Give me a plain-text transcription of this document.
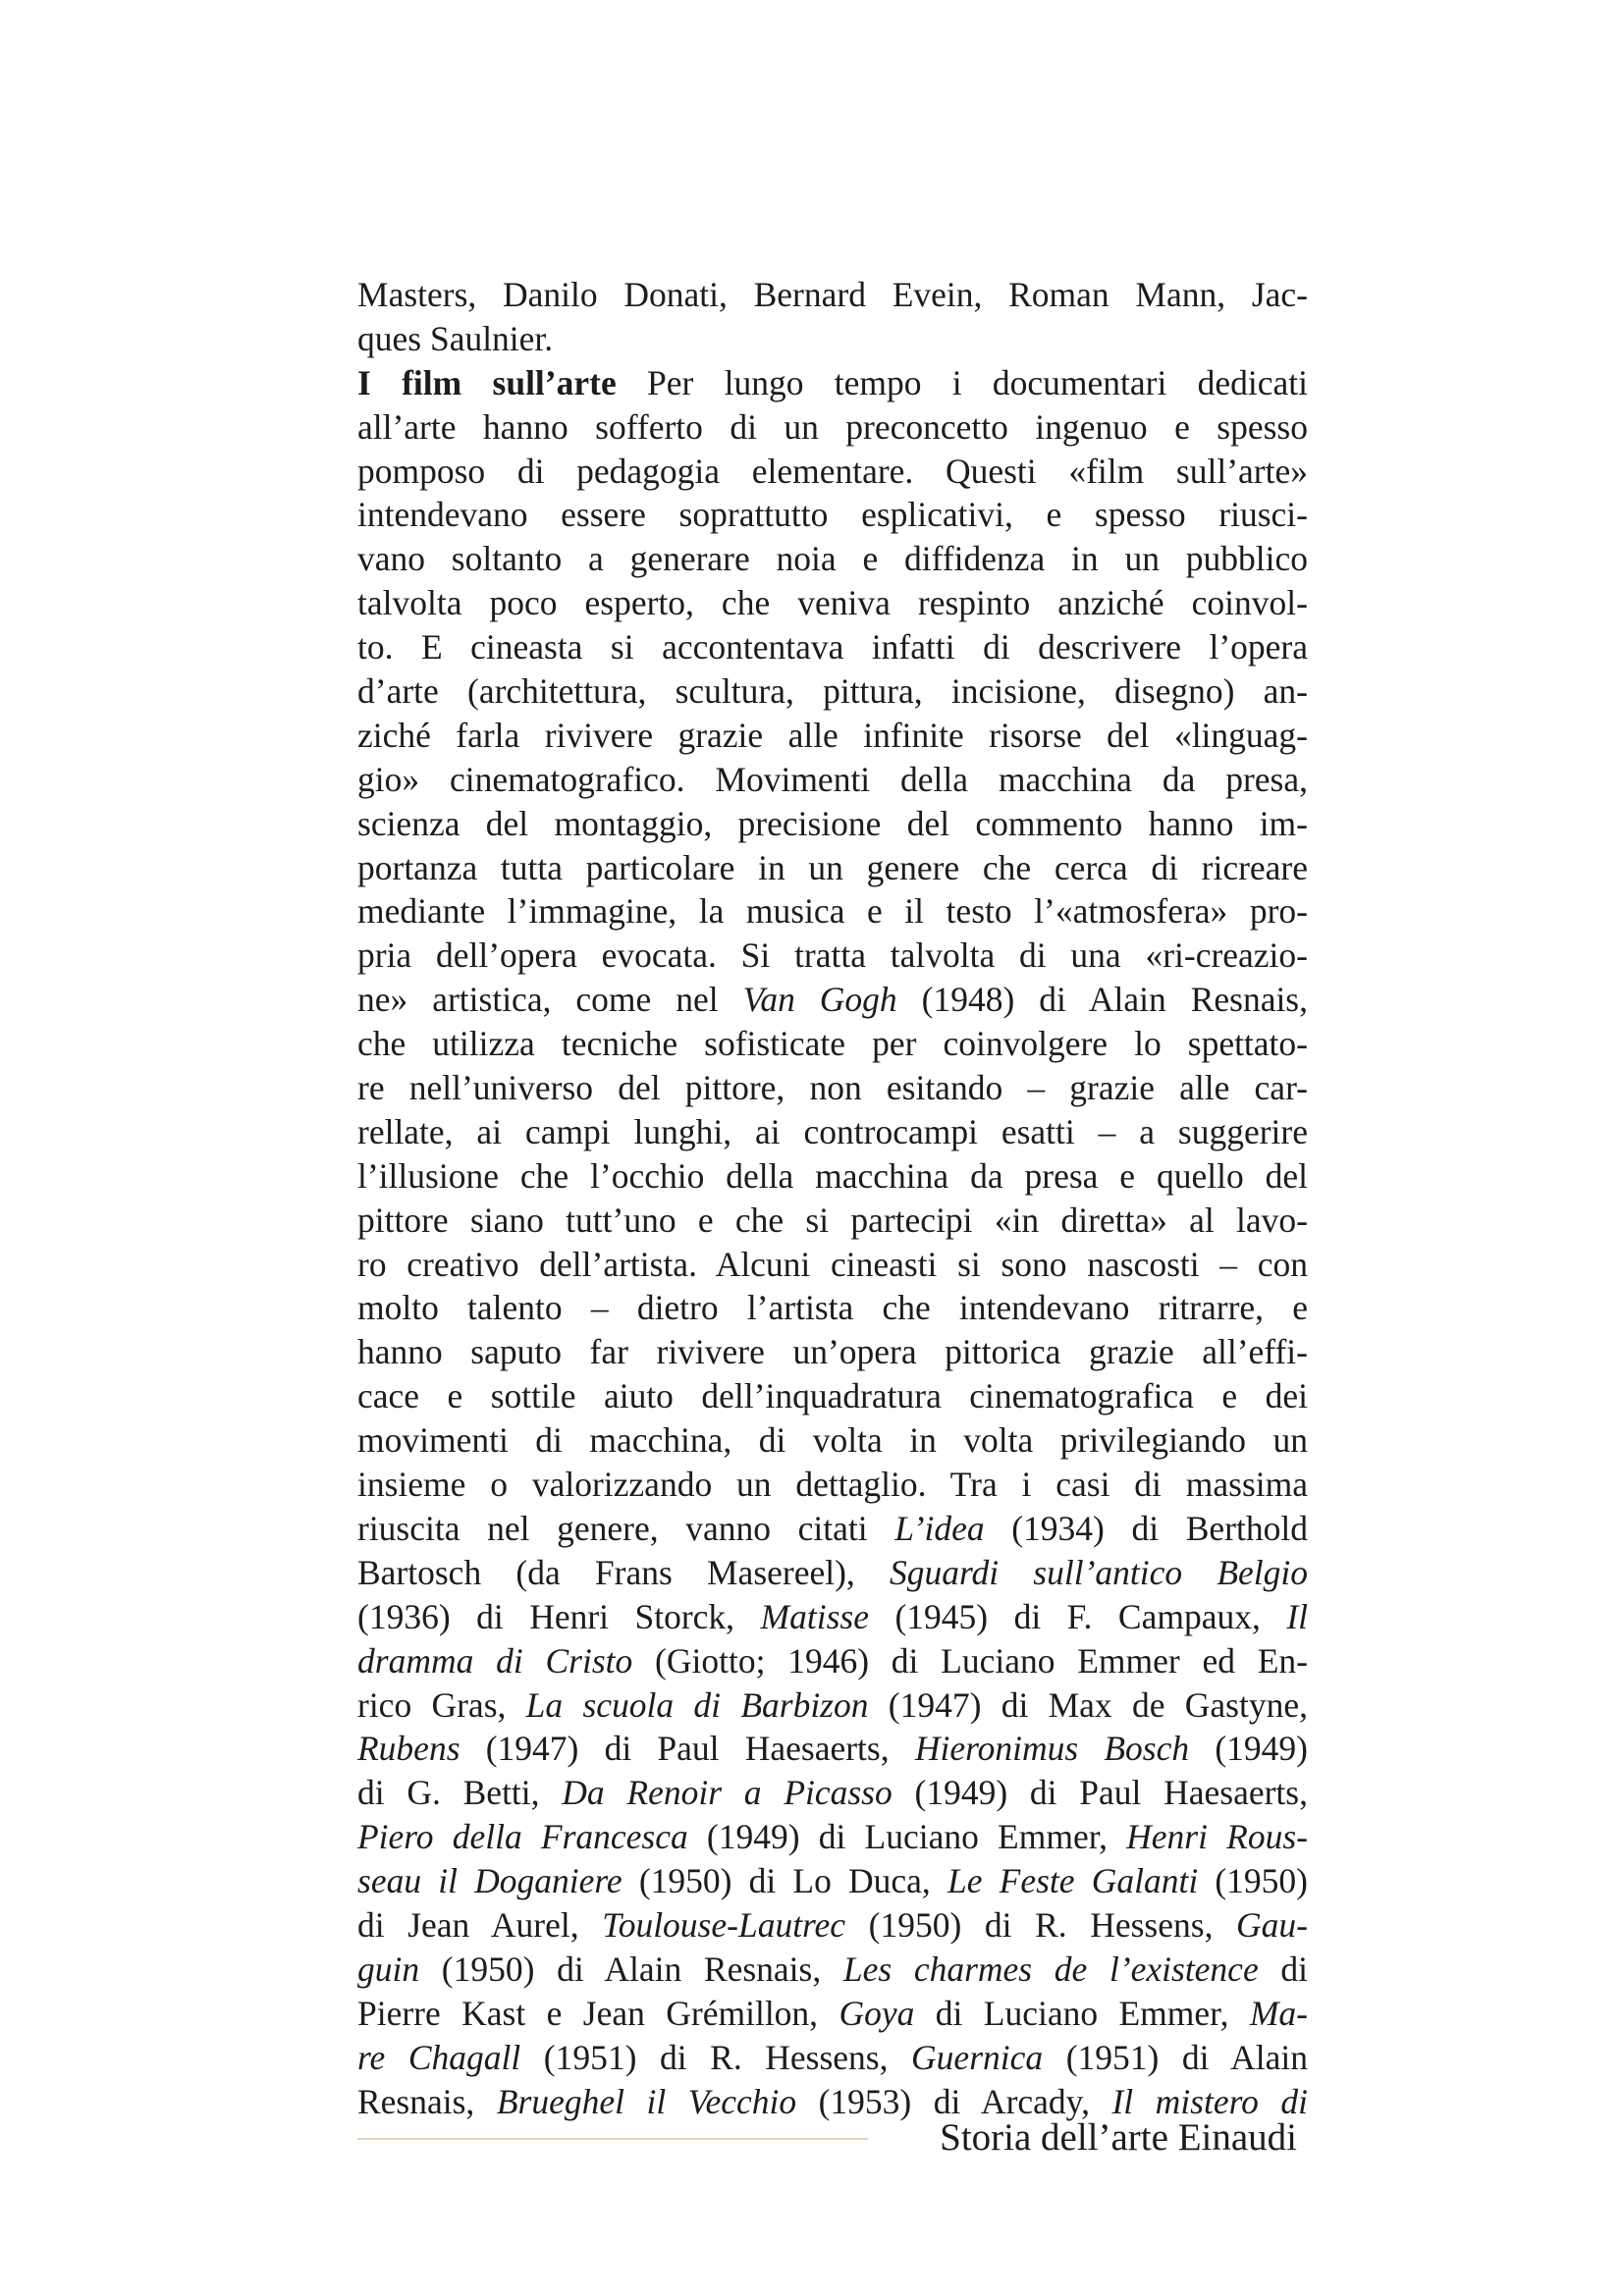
Masters, Danilo Donati, Bernard Evein, Roman Mann, Jac-
ques Saulnier.
I film sull’arte Per lungo tempo i documentari dedicati
all’arte hanno sofferto di un preconcetto ingenuo e spesso
pomposo di pedagogia elementare. Questi «film sull’arte»
intendevano essere soprattutto esplicativi, e spesso riusci-
vano soltanto a generare noia e diffidenza in un pubblico
talvolta poco esperto, che veniva respinto anziché coinvol-
to. E cineasta si accontentava infatti di descrivere l’opera
d’arte (architettura, scultura, pittura, incisione, disegno) an-
ziché farla rivivere grazie alle infinite risorse del «linguag-
gio» cinematografico. Movimenti della macchina da presa,
scienza del montaggio, precisione del commento hanno im-
portanza tutta particolare in un genere che cerca di ricreare
mediante l’immagine, la musica e il testo l’«atmosfera» pro-
pria dell’opera evocata. Si tratta talvolta di una «ri-creazio-
ne» artistica, come nel Van Gogh (1948) di Alain Resnais,
che utilizza tecniche sofisticate per coinvolgere lo spettato-
re nell’universo del pittore, non esitando – grazie alle car-
rellate, ai campi lunghi, ai controcampi esatti – a suggerire
l’illusione che l’occhio della macchina da presa e quello del
pittore siano tutt’uno e che si partecipi «in diretta» al lavo-
ro creativo dell’artista. Alcuni cineasti si sono nascosti – con
molto talento – dietro l’artista che intendevano ritrarre, e
hanno saputo far rivivere un’opera pittorica grazie all’effi-
cace e sottile aiuto dell’inquadratura cinematografica e dei
movimenti di macchina, di volta in volta privilegiando un
insieme o valorizzando un dettaglio. Tra i casi di massima
riuscita nel genere, vanno citati L’idea (1934) di Berthold
Bartosch (da Frans Masereel), Sguardi sull’antico Belgio
(1936) di Henri Storck, Matisse (1945) di F. Campaux, Il
dramma di Cristo (Giotto; 1946) di Luciano Emmer ed En-
rico Gras, La scuola di Barbizon (1947) di Max de Gastyne,
Rubens (1947) di Paul Haesaerts, Hieronimus Bosch (1949)
di G. Betti, Da Renoir a Picasso (1949) di Paul Haesaerts,
Piero della Francesca (1949) di Luciano Emmer, Henri Rous-
seau il Doganiere (1950) di Lo Duca, Le Feste Galanti (1950)
di Jean Aurel, Toulouse-Lautrec (1950) di R. Hessens, Gau-
guin (1950) di Alain Resnais, Les charmes de l’existence di
Pierre Kast e Jean Grémillon, Goya di Luciano Emmer, Ma-
re Chagall (1951) di R. Hessens, Guernica (1951) di Alain
Resnais, Brueghel il Vecchio (1953) di Arcady, Il mistero di
Storia dell’arte Einaudi
